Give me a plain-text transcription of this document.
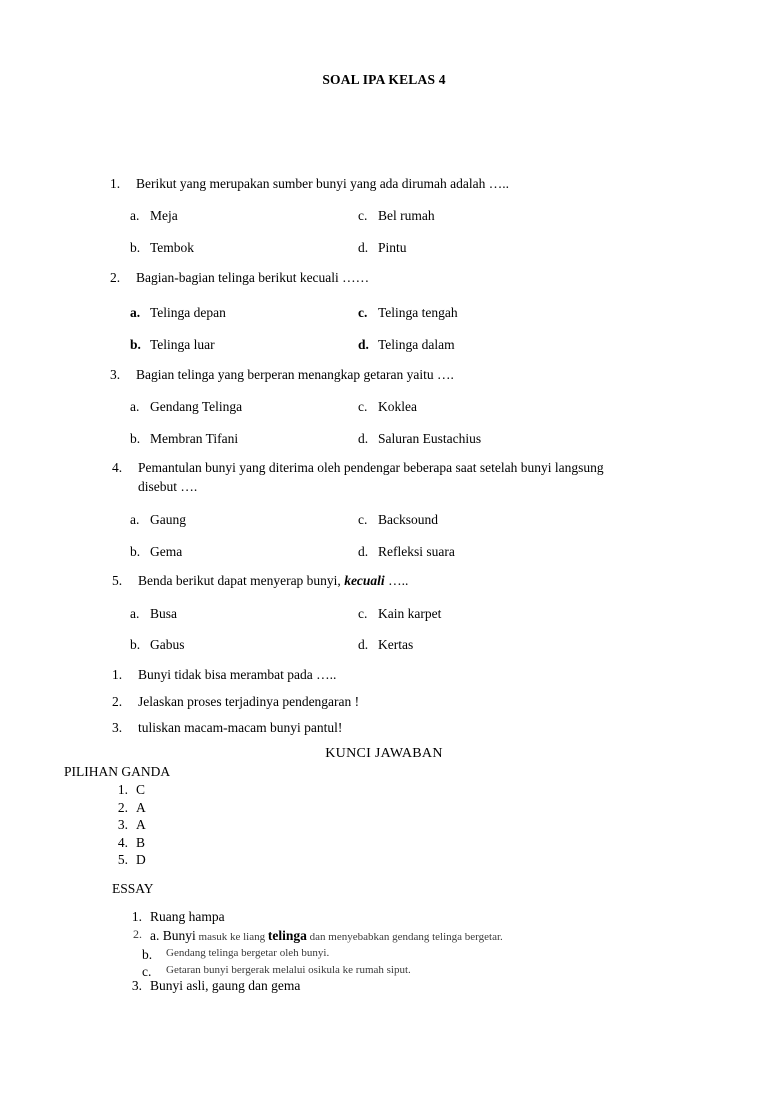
SOAL IPA KELAS 4
1.	Berikut yang merupakan sumber bunyi yang ada dirumah adalah …..
a. Meja	c. Bel rumah
b. Tembok	d. Pintu
2.	Bagian-bagian telinga berikut kecuali ……
a. Telinga depan	c. Telinga tengah
b. Telinga luar	d. Telinga dalam
3.	Bagian telinga yang berperan menangkap getaran yaitu ….
a. Gendang Telinga	c. Koklea
b. Membran Tifani	d. Saluran Eustachius
4.	Pemantulan bunyi yang diterima oleh pendengar beberapa saat setelah bunyi langsung
disebut ….
a. Gaung	c. Backsound
b. Gema	d. Refleksi suara
5.	Benda berikut dapat menyerap bunyi, kecuali …..
a. Busa	c. Kain karpet
b. Gabus	d. Kertas
1.	Bunyi tidak bisa merambat pada …..
2.	Jelaskan proses terjadinya pendengaran !
3.	tuliskan macam-macam bunyi pantul!
KUNCI JAWABAN
PILIHAN GANDA
1. C
2. A
3. A
4. B
5. D
ESSAY
1. Ruang hampa
2. a. Bunyi masuk ke liang telinga dan menyebabkan gendang telinga bergetar.
b.	Gendang telinga bergetar oleh bunyi.
c.	Getaran bunyi bergerak melalui osikula ke rumah siput.
3. Bunyi asli, gaung dan gema
